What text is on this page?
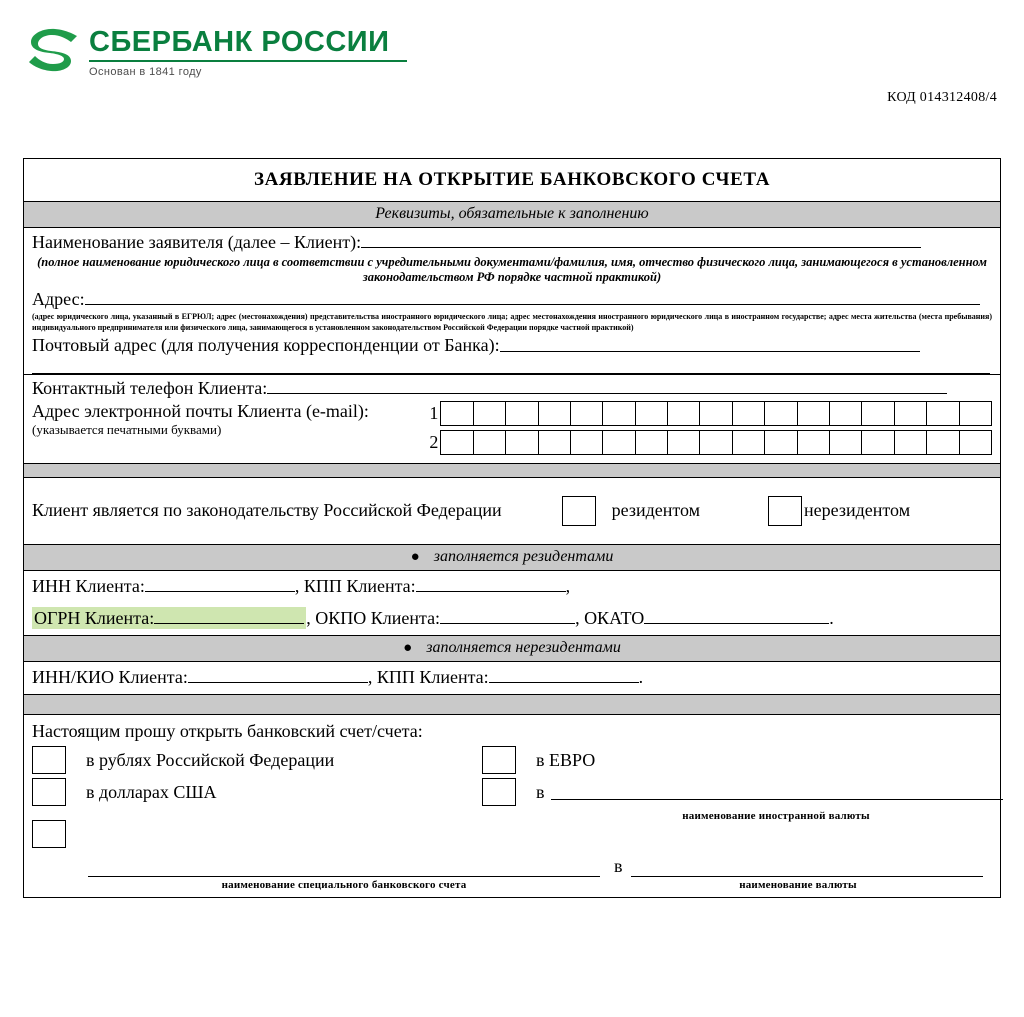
СБЕРБАНК РОССИИ
Основан в 1841 году
КОД 014312408/4
ЗАЯВЛЕНИЕ НА ОТКРЫТИЕ БАНКОВСКОГО СЧЕТА
Реквизиты, обязательные к заполнению
Наименование заявителя (далее – Клиент):
(полное наименование юридического лица в соответствии с учредительными документами/фамилия, имя, отчество физического лица, занимающегося в установленном законодательством РФ порядке частной практикой)
Адрес:
(адрес юридического лица, указанный в ЕГРЮЛ; адрес (местонахождения) представительства иностранного юридического лица; адрес местонахождения иностранного юридического лица в иностранном государстве; адрес места жительства (места пребывания) индивидуального предпринимателя или физического лица, занимающегося в установленном законодательством Российской Федерации порядке частной практикой)
Почтовый адрес (для получения корреспонденции от Банка):
Контактный телефон Клиента:
Адрес электронной почты Клиента (e-mail):
(указывается печатными буквами)
1
2
Клиент является по законодательству Российской Федерации	резидентом	нерезидентом
● заполняется резидентами
ИНН Клиента:	, КПП Клиента:	,
ОГРН Клиента:	, ОКПО Клиента:	, ОКАТО	.
● заполняется нерезидентами
ИНН/КИО Клиента:	, КПП Клиента:	.
Настоящим прошу открыть банковский счет/счета:
в рублях Российской Федерации
в долларах США
в ЕВРО
в
наименование иностранной валюты
в
наименование специального банковского счета	наименование валюты
